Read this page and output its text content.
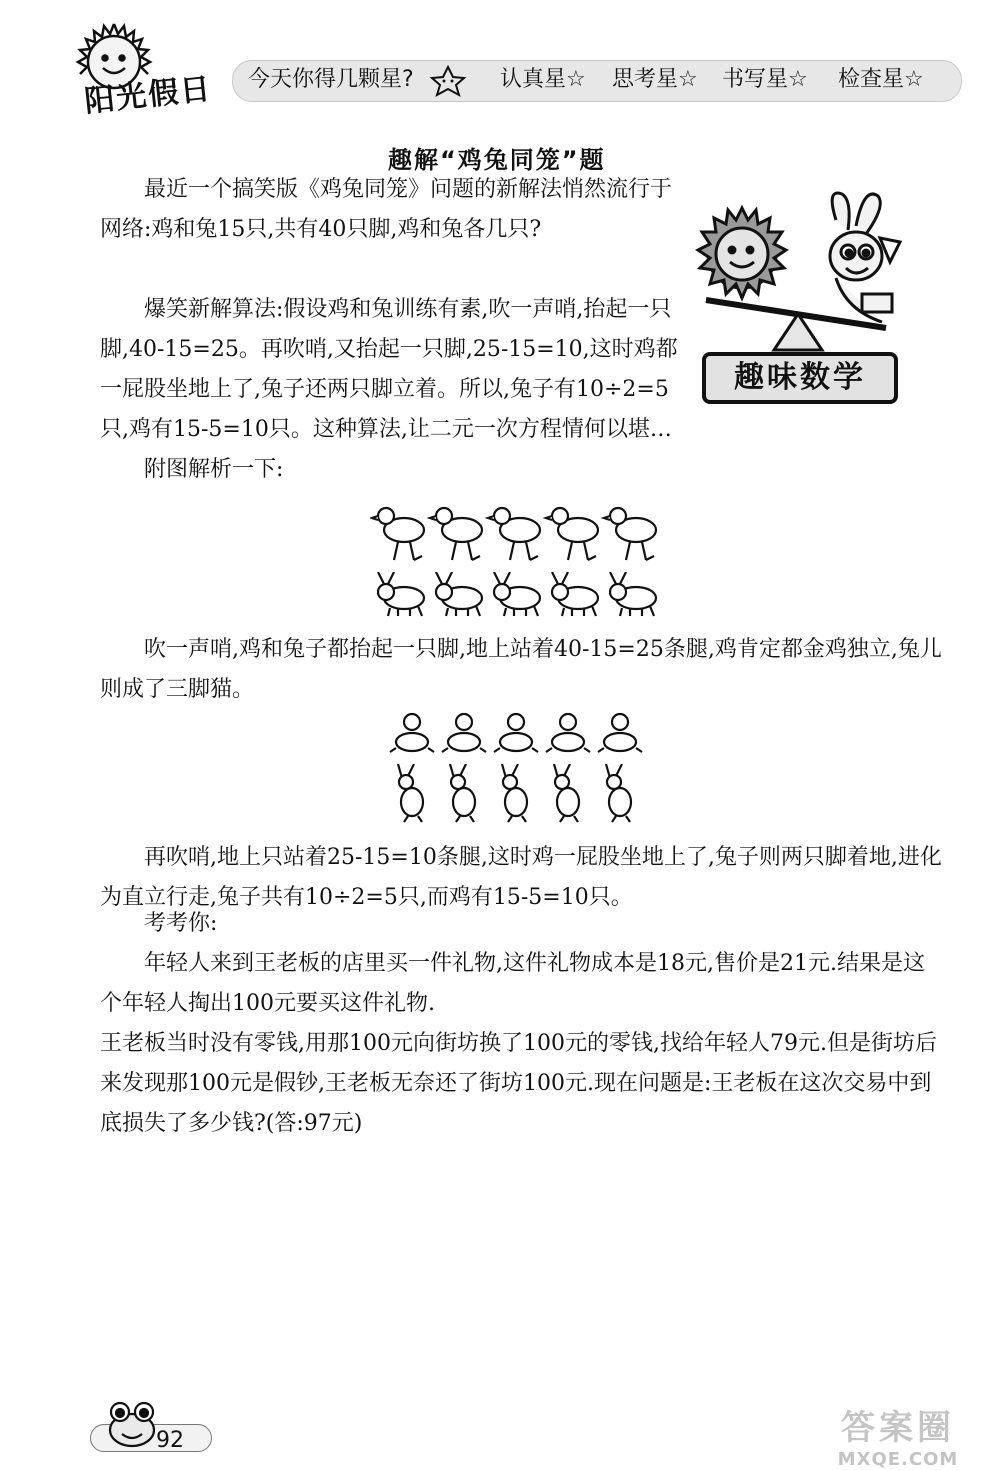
阳光假日 今天你得几颗星?	认真星☆ 思考星☆ 书写星☆ 检查星☆
趣解“鸡兔同笼”题

最近一个搞笑版《鸡兔同笼》问题的新解法悄然流行于网络:鸡和兔15只,共有40只脚,鸡和兔各几只?

爆笑新解算法:假设鸡和兔训练有素,吹一声哨,抬起一只脚,40-15=25。再吹哨,又抬起一只脚,25-15=10,这时鸡都一屁股坐地上了,兔子还两只脚立着。所以,兔子有10÷2=5只,鸡有15-5=10只。这种算法,让二元一次方程情何以堪…

附图解析一下:

趣味数学

吹一声哨,鸡和兔子都抬起一只脚,地上站着40-15=25条腿,鸡肯定都金鸡独立,兔儿则成了三脚猫。

再吹哨,地上只站着25-15=10条腿,这时鸡一屁股坐地上了,兔子则两只脚着地,进化为直立行走,兔子共有10÷2=5只,而鸡有15-5=10只。

考考你:

年轻人来到王老板的店里买一件礼物,这件礼物成本是18元,售价是21元.结果是这个年轻人掏出100元要买这件礼物.

王老板当时没有零钱,用那100元向街坊换了100元的零钱,找给年轻人79元.但是街坊后来发现那100元是假钞,王老板无奈还了街坊100元.现在问题是:王老板在这次交易中到底损失了多少钱?(答:97元)

92	答案圈
MXQE.COM
